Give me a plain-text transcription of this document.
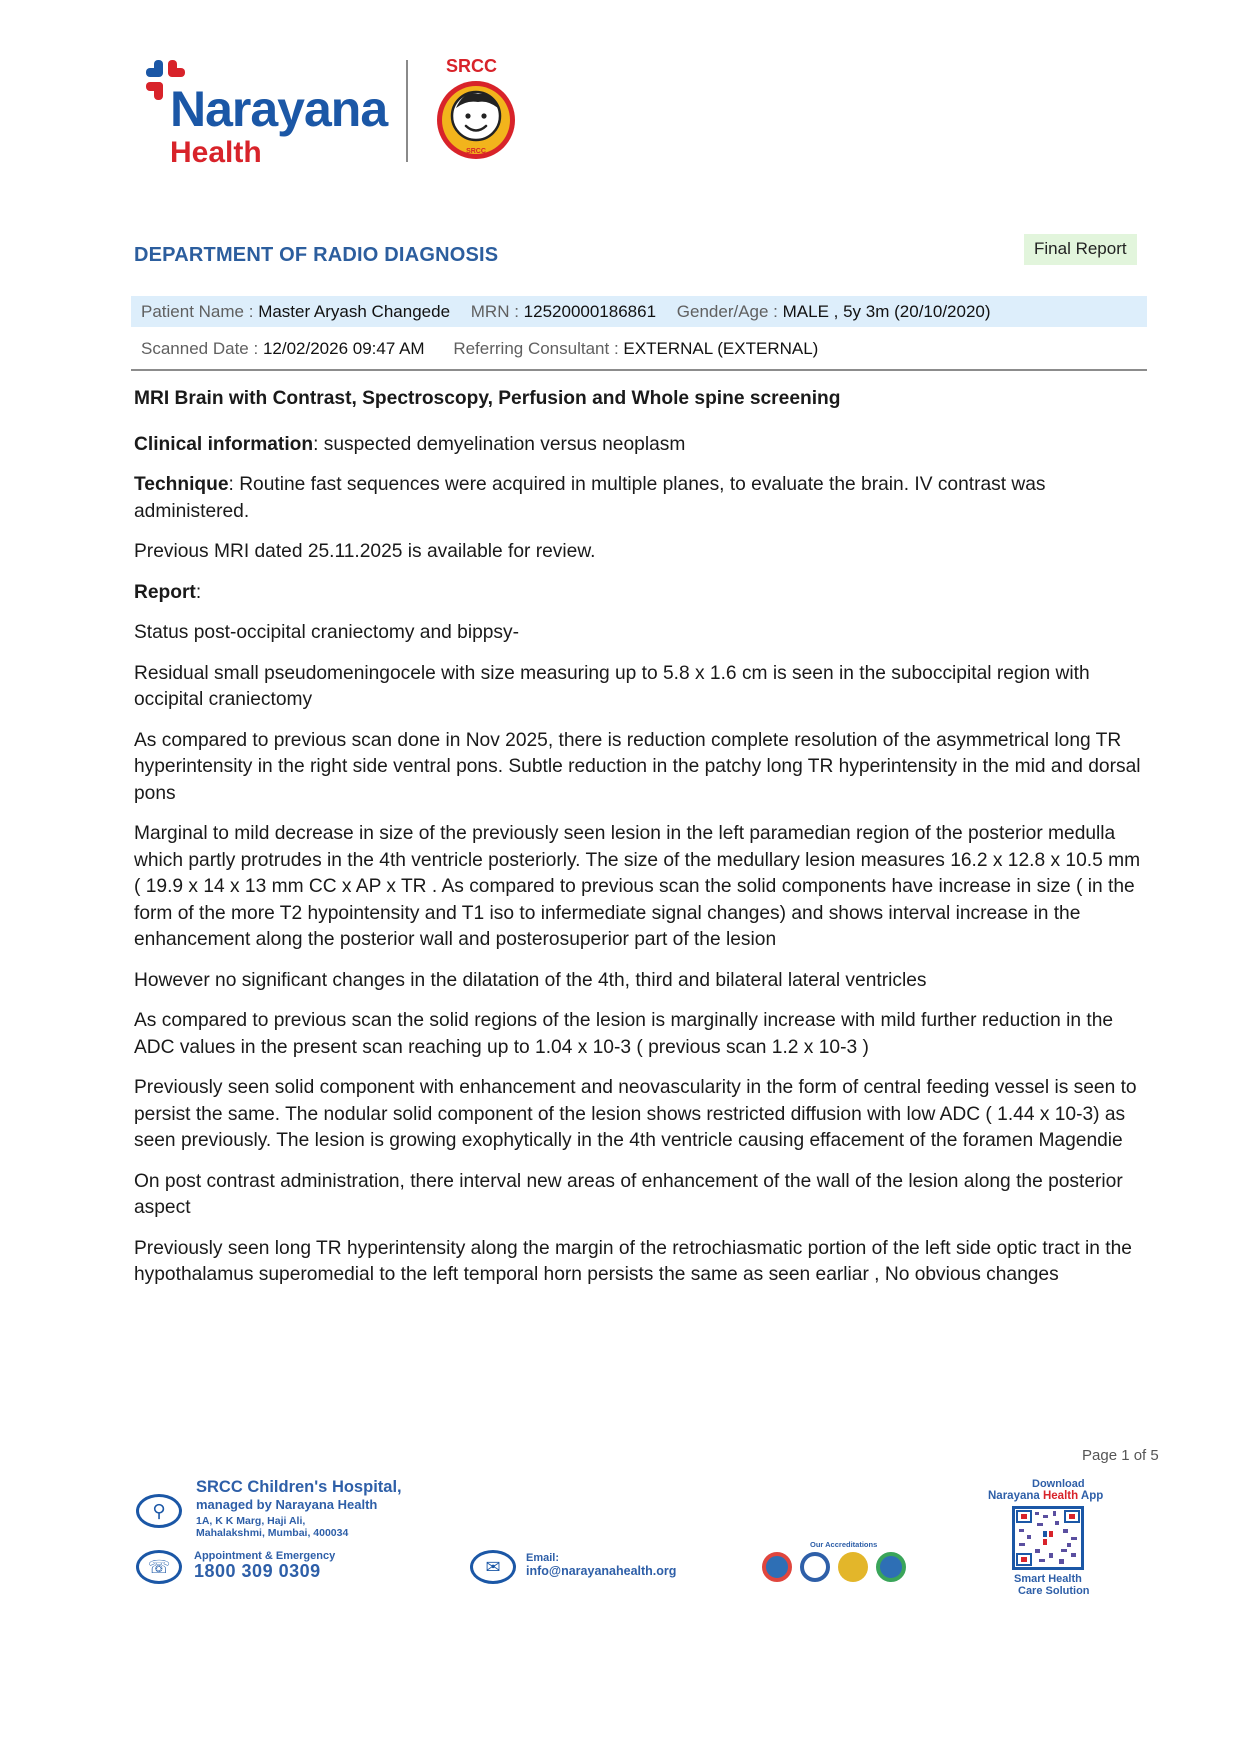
Narayana
Health
SRCC
SRCC
DEPARTMENT OF RADIO DIAGNOSIS	Final Report
Patient Name : Master Aryash Changede MRN : 12520000186861 Gender/Age : MALE , 5y 3m (20/10/2020)
Scanned Date : 12/02/2026 09:47 AM Referring Consultant : EXTERNAL (EXTERNAL)

MRI Brain with Contrast, Spectroscopy, Perfusion and Whole spine screening

Clinical information: suspected demyelination versus neoplasm

Technique: Routine fast sequences were acquired in multiple planes, to evaluate the brain. IV contrast was administered.

Previous MRI dated 25.11.2025 is available for review.

Report:

Status post-occipital craniectomy and bippsy-

Residual small pseudomeningocele with size measuring up to 5.8 x 1.6 cm is seen in the suboccipital region with occipital craniectomy

As compared to previous scan done in Nov 2025, there is reduction complete resolution of the asymmetrical long TR hyperintensity in the right side ventral pons. Subtle reduction in the patchy long TR hyperintensity in the mid and dorsal pons

Marginal to mild decrease in size of the previously seen lesion in the left paramedian region of the posterior medulla which partly protrudes in the 4th ventricle posteriorly. The size of the medullary lesion measures 16.2 x 12.8 x 10.5 mm ( 19.9 x 14 x 13 mm CC x AP x TR . As compared to previous scan the solid components have increase in size ( in the form of the more T2 hypointensity and T1 iso to infermediate signal changes) and shows interval increase in the enhancement along the posterior wall and posterosuperior part of the lesion

However no significant changes in the dilatation of the 4th, third and bilateral lateral ventricles

As compared to previous scan the solid regions of the lesion is marginally increase with mild further reduction in the ADC values in the present scan reaching up to 1.04 x 10-3 ( previous scan 1.2 x 10-3 )

Previously seen solid component with enhancement and neovascularity in the form of central feeding vessel is seen to persist the same. The nodular solid component of the lesion shows restricted diffusion with low ADC ( 1.44 x 10-3) as seen previously. The lesion is growing exophytically in the 4th ventricle causing effacement of the foramen Magendie

On post contrast administration, there interval new areas of enhancement of the wall of the lesion along the posterior aspect

Previously seen long TR hyperintensity along the margin of the retrochiasmatic portion of the left side optic tract in the hypothalamus superomedial to the left temporal horn persists the same as seen earliar , No obvious changes

Page 1 of 5
⚲
SRCC Children's Hospital,
managed by Narayana Health
1A, K K Marg, Haji Ali,
Mahalakshmi, Mumbai, 400034
☏
Appointment & Emergency
1800 309 0309	✉	Email:
info@narayanahealth.org
Our Accreditations
Download
Narayana Health App
Smart Health
Care Solution
